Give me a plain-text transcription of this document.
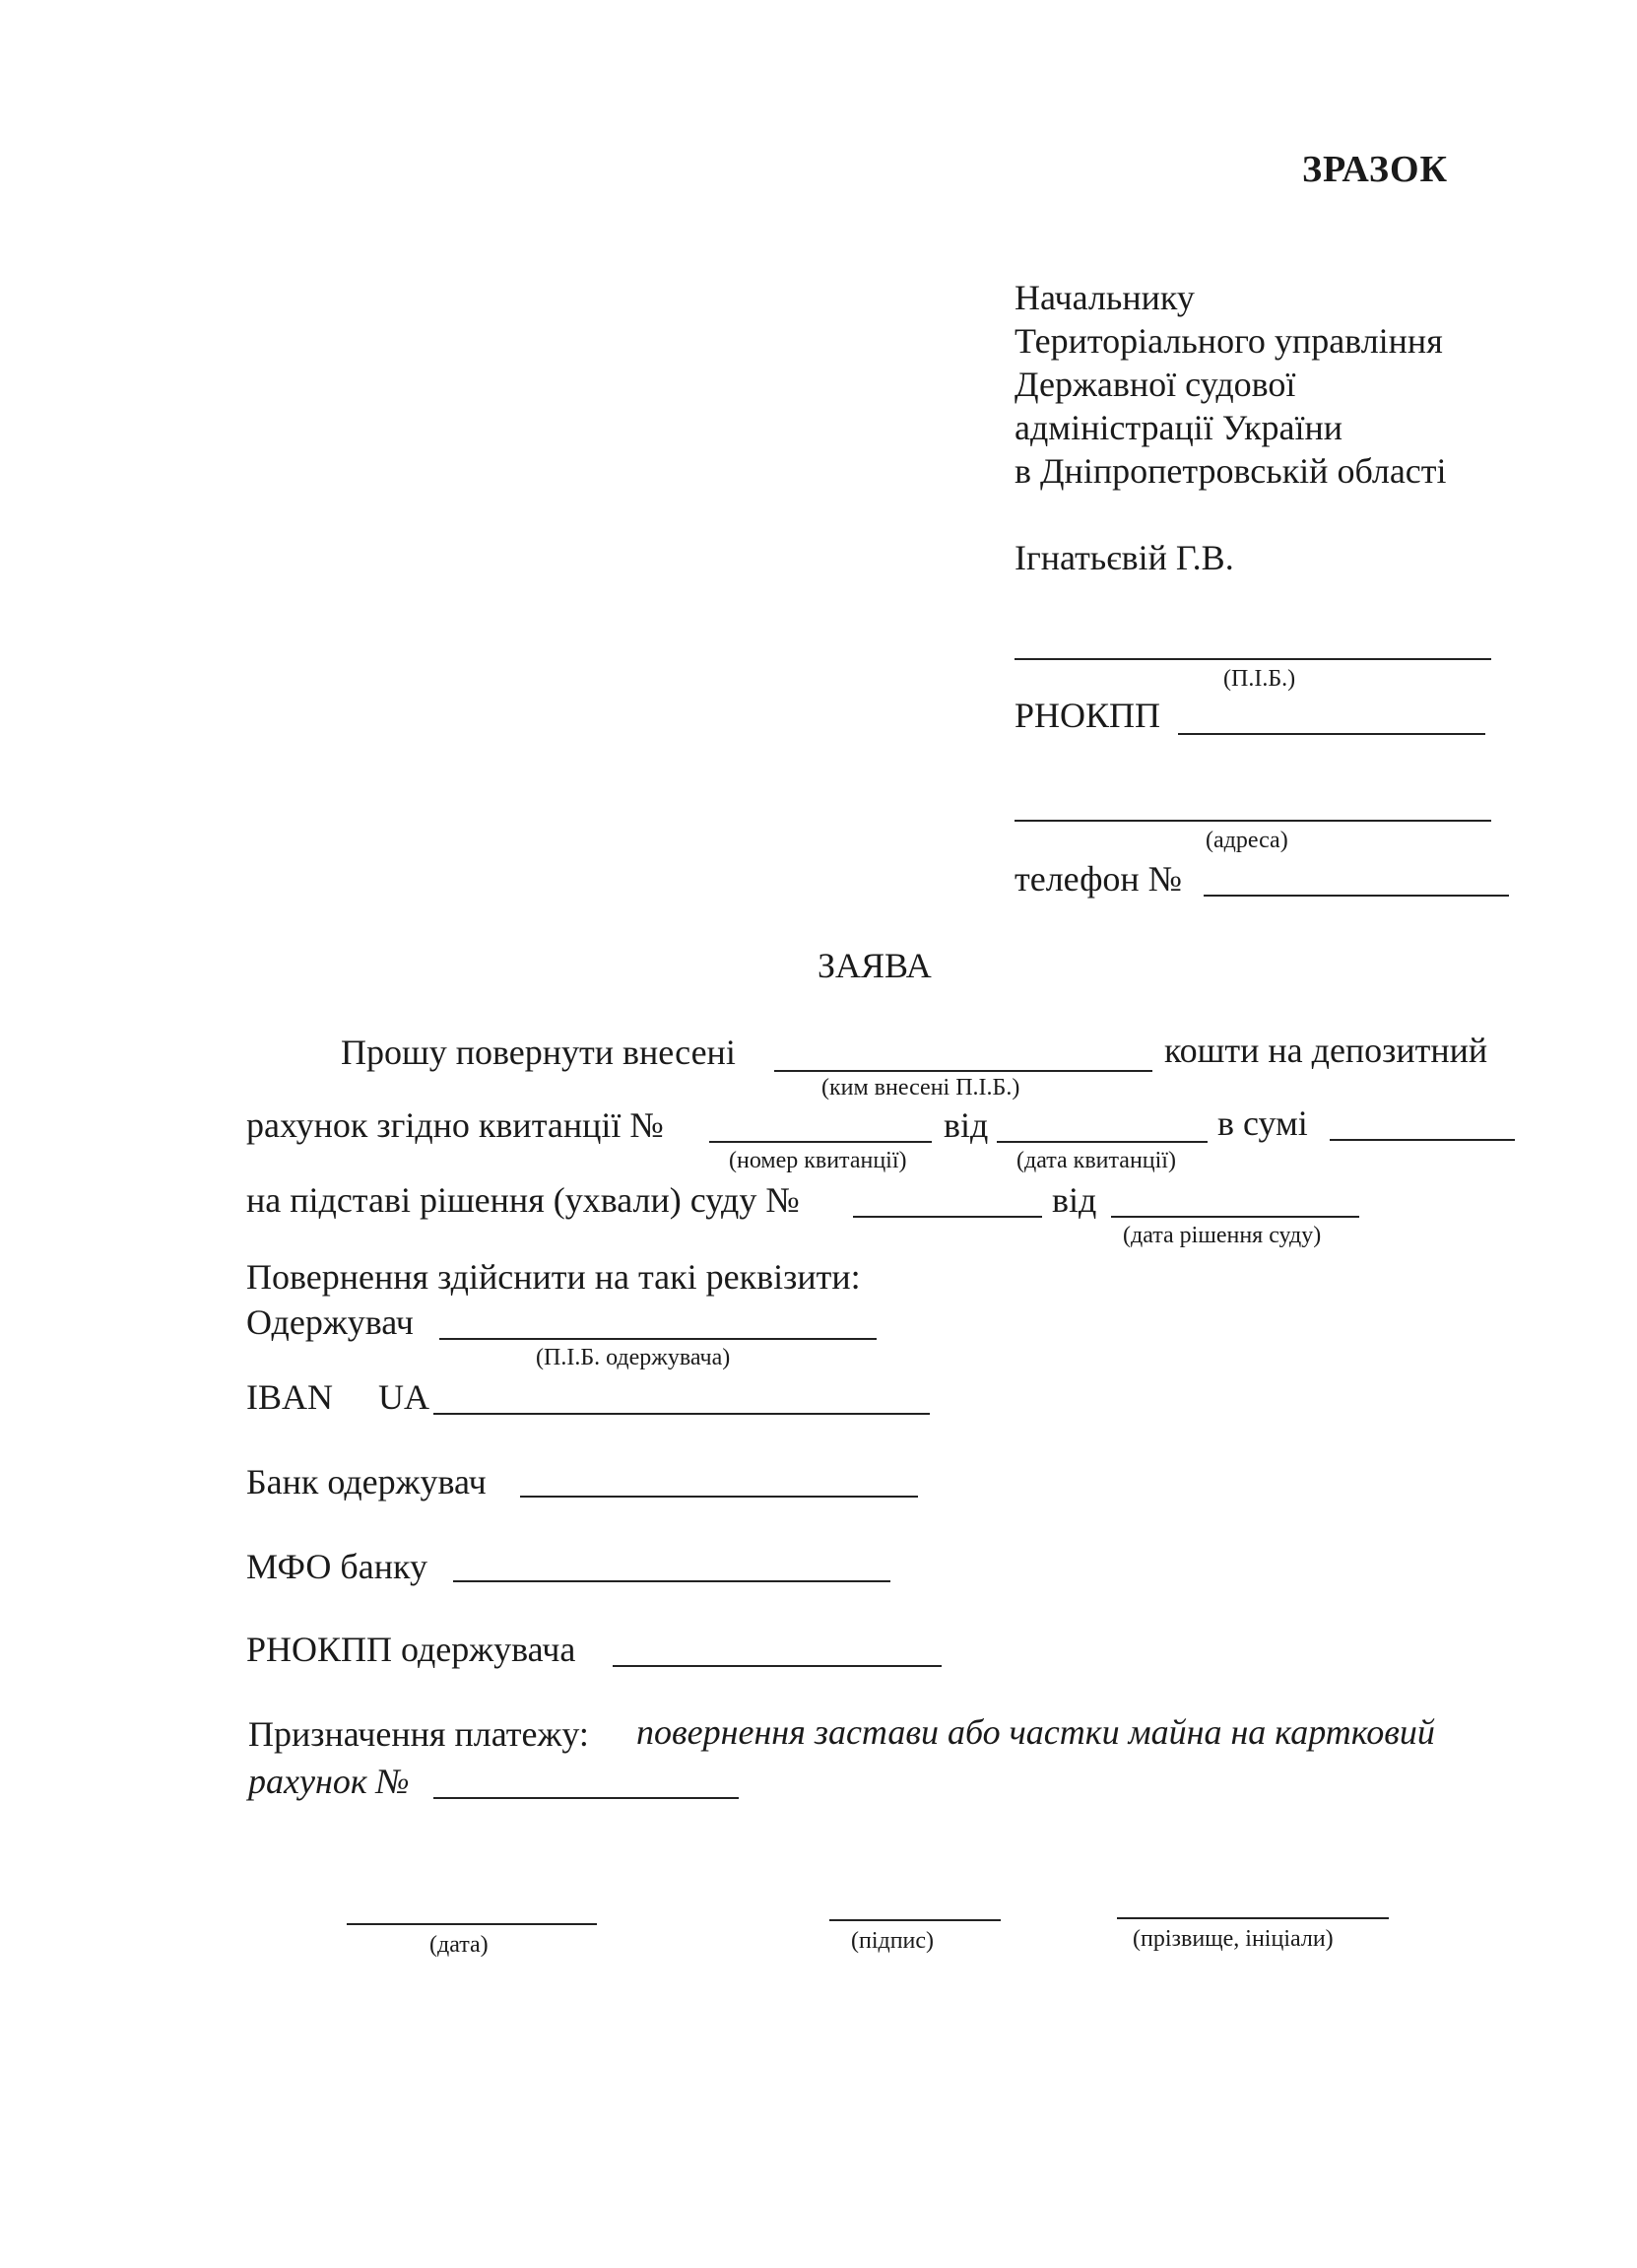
ЗРАЗОК
Начальнику
Територіального управління
Державної судової
адміністрації України
в Дніпропетровській області
Ігнатьєвій Г.В.
(П.І.Б.)
РНОКПП
(адреса)
телефон №
ЗАЯВА
Прошу повернути внесені	кошти на депозитний
(ким внесені П.І.Б.)
рахунок згідно квитанції №	від	в сумі
(номер квитанції)	(дата квитанції)
на підставі рішення (ухвали) суду №	від
(дата рішення суду)
Повернення здійснити на такі реквізити:
Одержувач
(П.І.Б. одержувача)
IBAN UA
Банк одержувач
МФО банку
РНОКПП одержувача
Призначення платежу: повернення застави або частки майна на картковий
рахунок №
(дата)	(підпис)	(прізвище, ініціали)
